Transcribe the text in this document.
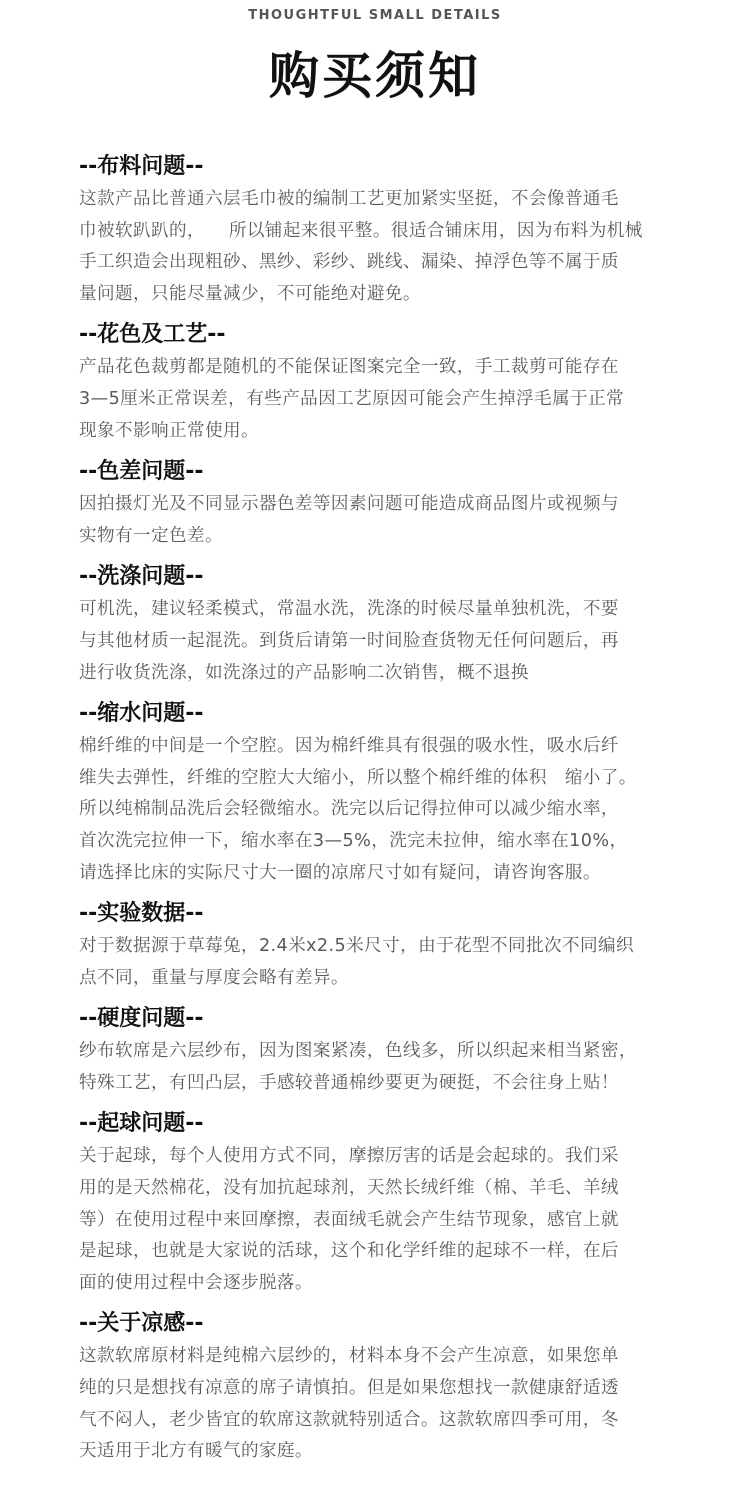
THOUGHTFUL SMALL DETAILS
购买须知
--布料问题--
这款产品比普通六层毛巾被的编制工艺更加紧实坚挺，不会像普通毛
巾被软趴趴的，    所以铺起来很平整。很适合铺床用，因为布料为机械
手工织造会出现粗砂、黑纱、彩纱、跳线、漏染、掉浮色等不属于质
量问题，只能尽量减少，不可能绝对避免。
--花色及工艺--
产品花色裁剪都是随机的不能保证图案完全一致，手工裁剪可能存在
3—5厘米正常误差，有些产品因工艺原因可能会产生掉浮毛属于正常
现象不影响正常使用。
--色差问题--
因拍摄灯光及不同显示器色差等因素问题可能造成商品图片或视频与
实物有一定色差。
--洗涤问题--
可机洗，建议轻柔模式，常温水洗，洗涤的时候尽量单独机洗，不要
与其他材质一起混洗。到货后请第一时间脸查货物无任何问题后，再
进行收货洗涤，如洗涤过的产品影响二次销售，概不退换
--缩水问题--
棉纤维的中间是一个空腔。因为棉纤维具有很强的吸水性，吸水后纤
维失去弹性，纤维的空腔大大缩小，所以整个棉纤维的体积   缩小了。
所以纯棉制品洗后会轻微缩水。洗完以后记得拉伸可以减少缩水率，
首次洗完拉伸一下，缩水率在3—5%，洗完未拉伸，缩水率在10%，
请选择比床的实际尺寸大一圈的凉席尺寸如有疑问，请咨询客服。
--实验数据--
对于数据源于草莓兔，2.4米x2.5米尺寸，由于花型不同批次不同编织
点不同，重量与厚度会略有差异。
--硬度问题--
纱布软席是六层纱布，因为图案紧凑，色线多，所以织起来相当紧密，
特殊工艺，有凹凸层，手感较普通棉纱要更为硬挺，不会往身上贴！
--起球问题--
关于起球，每个人使用方式不同，摩擦厉害的话是会起球的。我们采
用的是天然棉花，没有加抗起球剂，天然长绒纤维（棉、羊毛、羊绒
等）在使用过程中来回摩擦，表面绒毛就会产生结节现象，感官上就
是起球，也就是大家说的活球，这个和化学纤维的起球不一样，在后
面的使用过程中会逐步脱落。
--关于凉感--
这款软席原材料是纯棉六层纱的，材料本身不会产生凉意，如果您单
纯的只是想找有凉意的席子请慎拍。但是如果您想找一款健康舒适透
气不闷人，老少皆宜的软席这款就特别适合。这款软席四季可用，冬
天适用于北方有暖气的家庭。
